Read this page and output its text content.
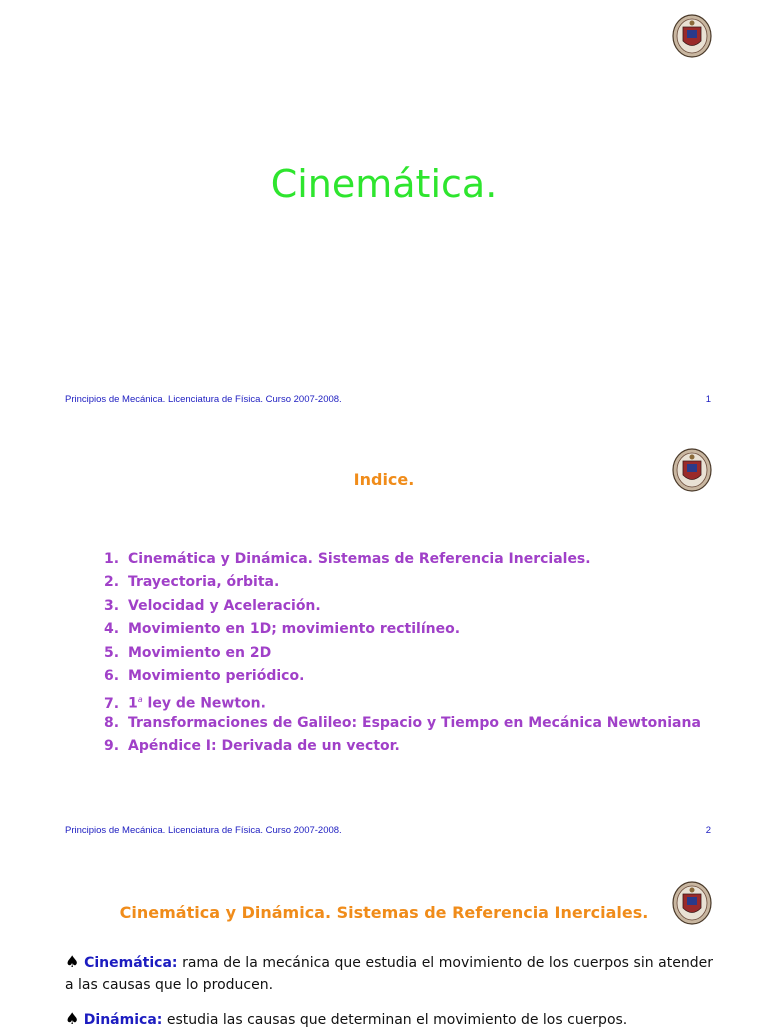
Cinemática.
Principios de Mecánica. Licenciatura de Física. Curso 2007-2008.	1
Indice.
1. Cinemática y Dinámica. Sistemas de Referencia Inerciales.
2. Trayectoria, órbita.
3. Velocidad y Aceleración.
4. Movimiento en 1D; movimiento rectilíneo.
5. Movimiento en 2D
6. Movimiento periódico.
7. 1$^a$ ley de Newton.
8. Transformaciones de Galileo: Espacio y Tiempo en Mecánica Newtoniana
9. Apéndice I: Derivada de un vector.
Principios de Mecánica. Licenciatura de Física. Curso 2007-2008.	2
Cinemática y Dinámica. Sistemas de Referencia Inerciales.
♠ Cinemática: rama de la mecánica que estudia el movimiento de los cuerpos sin atender a las causas que lo producen.
♠ Dinámica: estudia las causas que determinan el movimiento de los cuerpos.
